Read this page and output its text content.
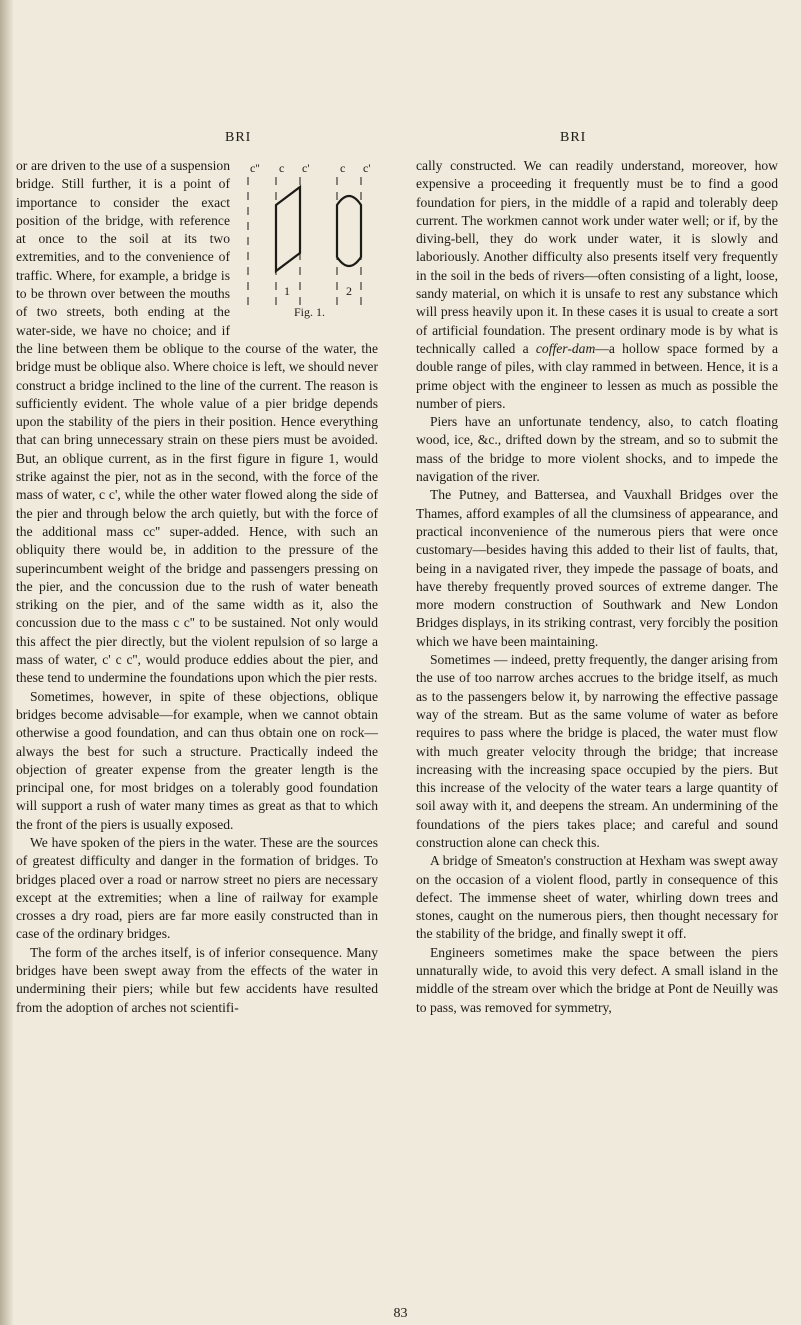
BRI	BRI
c'' c c'	c c'
1	2
Fig. 1.

or are driven to the use of a suspension bridge. Still further, it is a point of importance to consider the exact position of the bridge, with reference at once to the soil at its two extremities, and to the convenience of traffic. Where, for example, a bridge is to be thrown over between the mouths of two streets, both ending at the water-side, we have no choice; and if the line between them be oblique to the course of the water, the bridge must be oblique also. Where choice is left, we should never construct a bridge inclined to the line of the current. The reason is sufficiently evident. The whole value of a pier bridge depends upon the stability of the piers in their position. Hence everything that can bring unnecessary strain on these piers must be avoided. But, an oblique current, as in the first figure in figure 1, would strike against the pier, not as in the second, with the force of the mass of water, c c', while the other water flowed along the side of the pier and through below the arch quietly, but with the force of the additional mass cc'' super-added. Hence, with such an obliquity there would be, in addition to the pressure of the superincumbent weight of the bridge and passengers pressing on the pier, and the concussion due to the rush of water beneath striking on the pier, and of the same width as it, also the concussion due to the mass c c'' to be sustained. Not only would this affect the pier directly, but the violent repulsion of so large a mass of water, c' c c'', would produce eddies about the pier, and these tend to undermine the foundations upon which the pier rests.

Sometimes, however, in spite of these objections, oblique bridges become advisable—for example, when we cannot obtain otherwise a good foundation, and can thus obtain one on rock—always the best for such a structure. Practically indeed the objection of greater expense from the greater length is the principal one, for most bridges on a tolerably good foundation will support a rush of water many times as great as that to which the front of the piers is usually exposed.

We have spoken of the piers in the water. These are the sources of greatest difficulty and danger in the formation of bridges. To bridges placed over a road or narrow street no piers are necessary except at the extremities; when a line of railway for example crosses a dry road, piers are far more easily constructed than in case of the ordinary bridges.

The form of the arches itself, is of inferior consequence. Many bridges have been swept away from the effects of the water in undermining their piers; while but few accidents have resulted from the adoption of arches not scientifi-

cally constructed. We can readily understand, moreover, how expensive a proceeding it frequently must be to find a good foundation for piers, in the middle of a rapid and tolerably deep current. The workmen cannot work under water well; or if, by the diving-bell, they do work under water, it is slowly and laboriously. Another difficulty also presents itself very frequently in the soil in the beds of rivers—often consisting of a light, loose, sandy material, on which it is unsafe to rest any substance which will press heavily upon it. In these cases it is usual to create a sort of artificial foundation. The present ordinary mode is by what is technically called a coffer-dam—a hollow space formed by a double range of piles, with clay rammed in between. Hence, it is a prime object with the engineer to lessen as much as possible the number of piers.

Piers have an unfortunate tendency, also, to catch floating wood, ice, &c., drifted down by the stream, and so to submit the mass of the bridge to more violent shocks, and to impede the navigation of the river.

The Putney, and Battersea, and Vauxhall Bridges over the Thames, afford examples of all the clumsiness of appearance, and practical inconvenience of the numerous piers that were once customary—besides having this added to their list of faults, that, being in a navigated river, they impede the passage of boats, and have thereby frequently proved sources of extreme danger. The more modern construction of Southwark and New London Bridges displays, in its striking contrast, very forcibly the position which we have been maintaining.

Sometimes — indeed, pretty frequently, the danger arising from the use of too narrow arches accrues to the bridge itself, as much as to the passengers below it, by narrowing the effective passage way of the stream. But as the same volume of water as before requires to pass where the bridge is placed, the water must flow with much greater velocity through the bridge; that increase increasing with the increasing space occupied by the piers. But this increase of the velocity of the water tears a large quantity of soil away with it, and deepens the stream. An undermining of the foundations of the piers takes place; and careful and sound construction alone can check this.

A bridge of Smeaton's construction at Hexham was swept away on the occasion of a violent flood, partly in consequence of this defect. The immense sheet of water, whirling down trees and stones, caught on the numerous piers, then thought necessary for the stability of the bridge, and finally swept it off.

Engineers sometimes make the space between the piers unnaturally wide, to avoid this very defect. A small island in the middle of the stream over which the bridge at Pont de Neuilly was to pass, was removed for symmetry,

83
